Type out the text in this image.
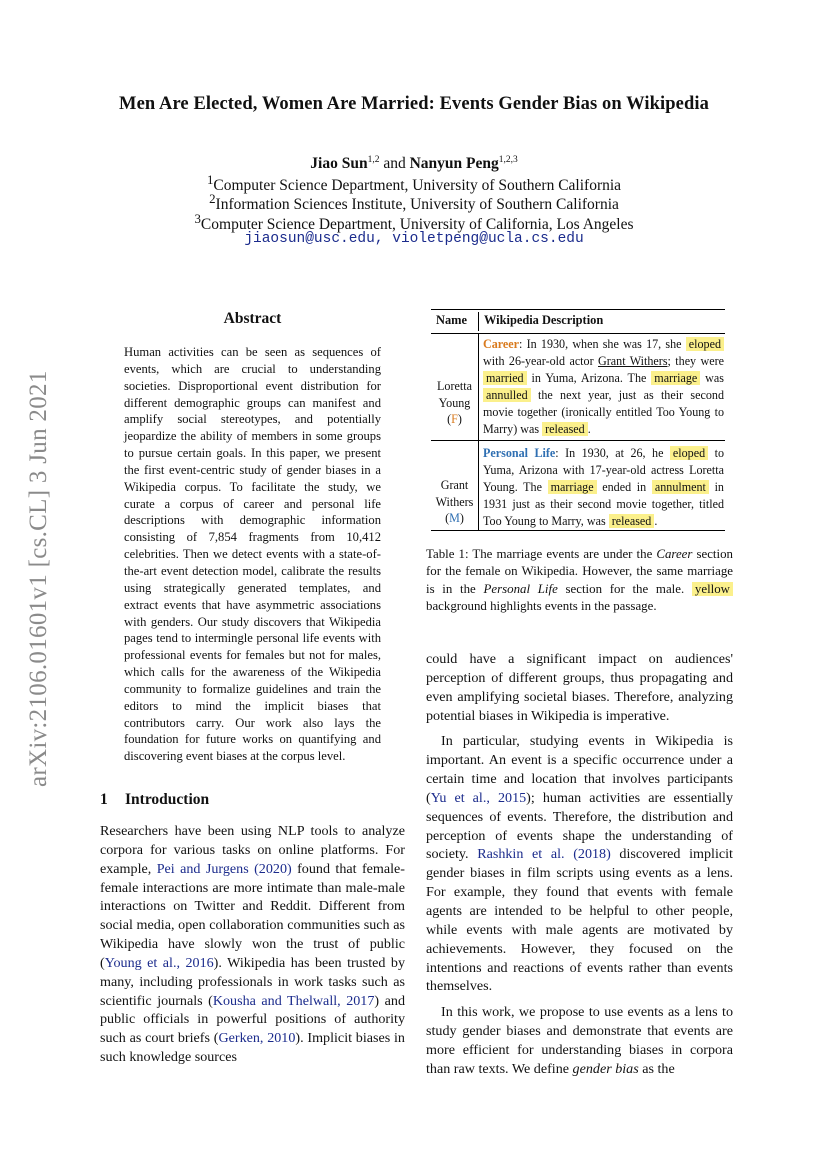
Men Are Elected, Women Are Married: Events Gender Bias on Wikipedia
Jiao Sun$^{1,2}$ and Nanyun Peng$^{1,2,3}$
$^1$Computer Science Department, University of Southern California
$^2$Information Sciences Institute, University of Southern California
$^3$Computer Science Department, University of California, Los Angeles
jiaosun@usc.edu, violetpeng@ucla.cs.edu
arXiv:2106.01601v1 [cs.CL] 3 Jun 2021
Abstract
Human activities can be seen as sequences of events, which are crucial to understanding societies. Disproportional event distribution for different demographic groups can manifest and amplify social stereotypes, and potentially jeopardize the ability of members in some groups to pursue certain goals. In this paper, we present the first event-centric study of gender biases in a Wikipedia corpus. To facilitate the study, we curate a corpus of career and personal life descriptions with demographic information consisting of 7,854 fragments from 10,412 celebrities. Then we detect events with a state-of-the-art event detection model, calibrate the results using strategically generated templates, and extract events that have asymmetric associations with genders. Our study discovers that Wikipedia pages tend to intermingle personal life events with professional events for females but not for males, which calls for the awareness of the Wikipedia community to formalize guidelines and train the editors to mind the implicit biases that contributors carry. Our work also lays the foundation for future works on quantifying and discovering event biases at the corpus level.
1 Introduction

Researchers have been using NLP tools to analyze corpora for various tasks on online platforms. For example, Pei and Jurgens (2020) found that female-female interactions are more intimate than male-male interactions on Twitter and Reddit. Different from social media, open collaboration communities such as Wikipedia have slowly won the trust of public (Young et al., 2016). Wikipedia has been trusted by many, including professionals in work tasks such as scientific journals (Kousha and Thelwall, 2017) and public officials in powerful positions of authority such as court briefs (Gerken, 2010). Implicit biases in such knowledge sources

Name Wikipedia Description
Loretta
Young
(F)
Career: In 1930, when she was 17, she eloped with 26-year-old actor Grant Withers; they were married in Yuma, Arizona. The marriage was annulled the next year, just as their second movie together (ironically entitled Too Young to Marry) was released .
Grant
Withers
(M)
Personal Life: In 1930, at 26, he eloped to Yuma, Arizona with 17-year-old actress Loretta Young. The marriage ended in annulment in 1931 just as their second movie together, titled Too Young to Marry, was released .
Table 1: The marriage events are under the Career section for the female on Wikipedia. However, the same marriage is in the Personal Life section for the male. yellow background highlights events in the passage.

could have a significant impact on audiences' perception of different groups, thus propagating and even amplifying societal biases. Therefore, analyzing potential biases in Wikipedia is imperative.

In particular, studying events in Wikipedia is important. An event is a specific occurrence under a certain time and location that involves participants (Yu et al., 2015); human activities are essentially sequences of events. Therefore, the distribution and perception of events shape the understanding of society. Rashkin et al. (2018) discovered implicit gender biases in film scripts using events as a lens. For example, they found that events with female agents are intended to be helpful to other people, while events with male agents are motivated by achievements. However, they focused on the intentions and reactions of events rather than events themselves.

In this work, we propose to use events as a lens to study gender biases and demonstrate that events are more efficient for understanding biases in corpora than raw texts. We define gender bias as the
